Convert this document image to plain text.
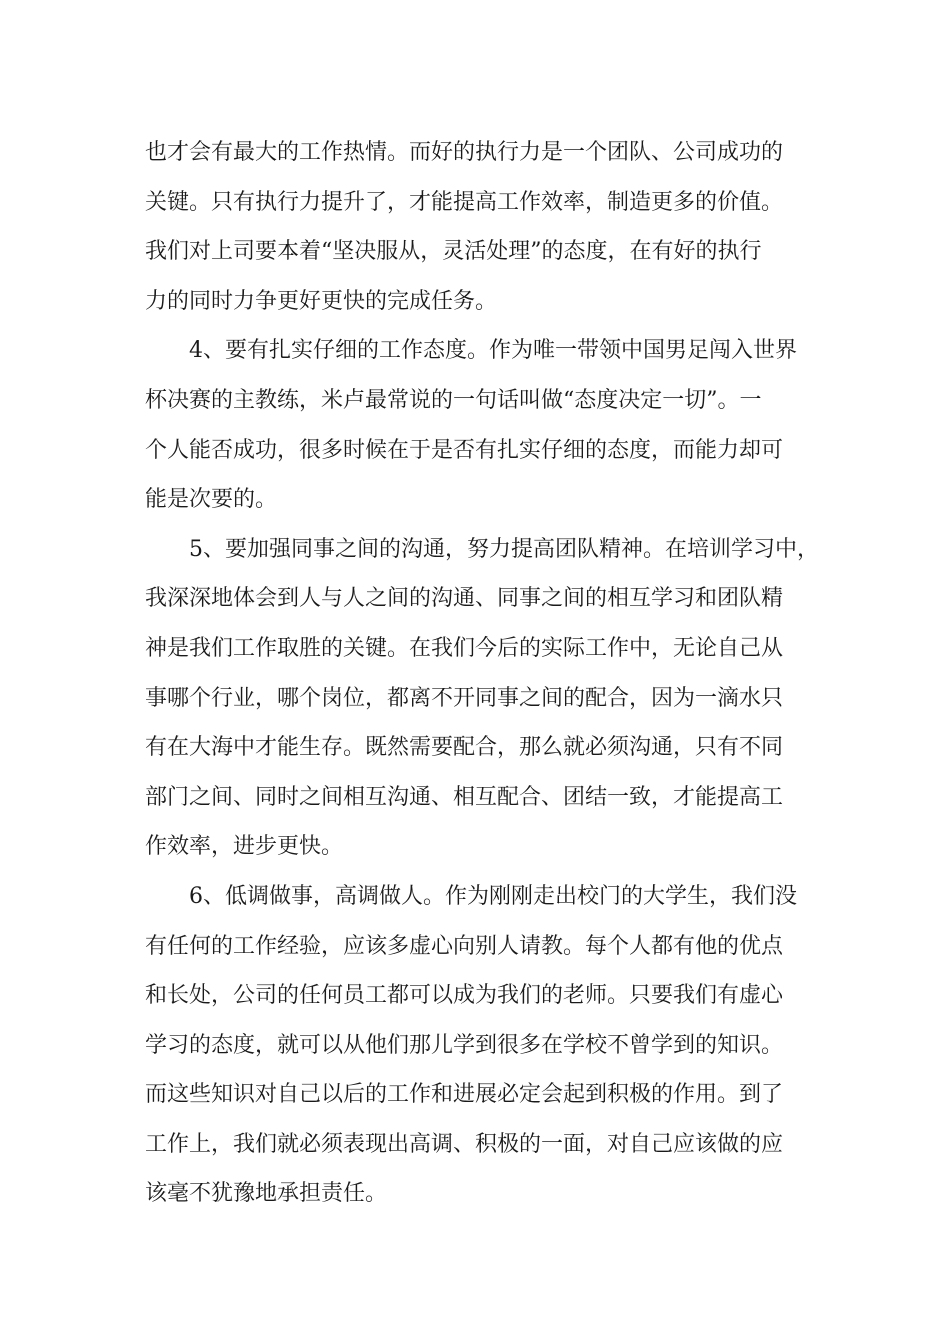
也才会有最大的工作热情。而好的执行力是一个团队、公司成功的
关键。只有执行力提升了，才能提高工作效率，制造更多的价值。
我们对上司要本着“坚决服从，灵活处理”的态度，在有好的执行
力的同时力争更好更快的完成任务。
4、要有扎实仔细的工作态度。作为唯一带领中国男足闯入世界
杯决赛的主教练，米卢最常说的一句话叫做“态度决定一切”。一
个人能否成功，很多时候在于是否有扎实仔细的态度，而能力却可
能是次要的。
5、要加强同事之间的沟通，努力提高团队精神。在培训学习中，
我深深地体会到人与人之间的沟通、同事之间的相互学习和团队精
神是我们工作取胜的关键。在我们今后的实际工作中，无论自己从
事哪个行业，哪个岗位，都离不开同事之间的配合，因为一滴水只
有在大海中才能生存。既然需要配合，那么就必须沟通，只有不同
部门之间、同时之间相互沟通、相互配合、团结一致，才能提高工
作效率，进步更快。
6、低调做事，高调做人。作为刚刚走出校门的大学生，我们没
有任何的工作经验，应该多虚心向别人请教。每个人都有他的优点
和长处，公司的任何员工都可以成为我们的老师。只要我们有虚心
学习的态度，就可以从他们那儿学到很多在学校不曾学到的知识。
而这些知识对自己以后的工作和进展必定会起到积极的作用。到了
工作上，我们就必须表现出高调、积极的一面，对自己应该做的应
该毫不犹豫地承担责任。
